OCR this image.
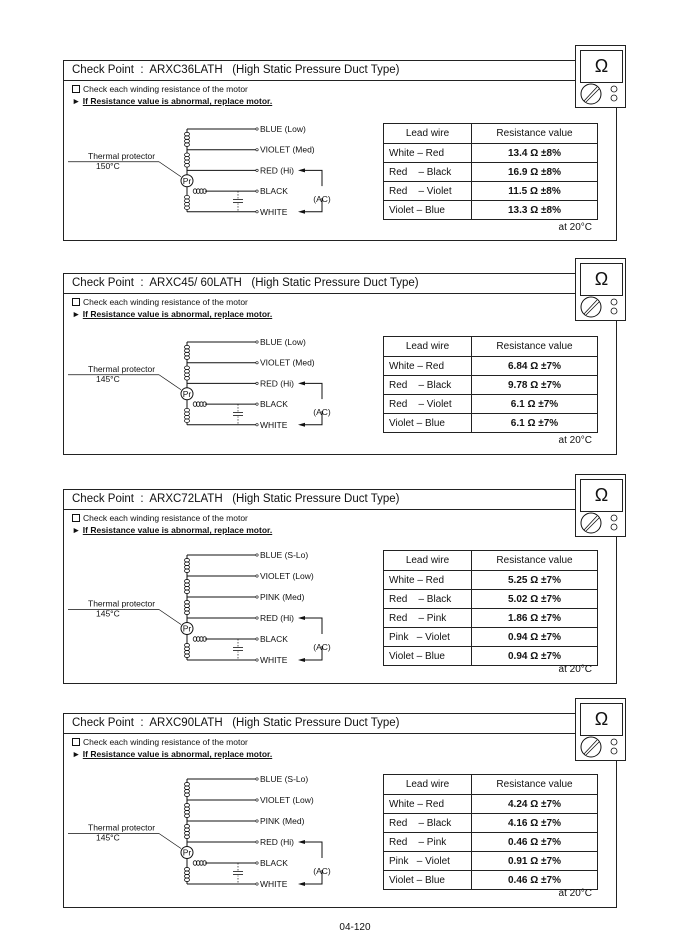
Check Point  :  ARXC36LATH   (High Static Pressure Duct Type)
Check each winding resistance of the motor
► If Resistance value is abnormal, replace motor.
BLUE (Low)
VIOLET (Med)
RED (Hi)
BLACK
WHITE
Pr
Thermal protector
150°C
(AC)
Lead wire	Resistance value
White – Red	13.4 Ω ±8%
Red    – Black	16.9 Ω ±8%
Red    – Violet	11.5 Ω ±8%
Violet – Blue	13.3 Ω ±8%
at 20°C
Ω
Check Point  :  ARXC45/ 60LATH   (High Static Pressure Duct Type)
Check each winding resistance of the motor
► If Resistance value is abnormal, replace motor.
BLUE (Low)
VIOLET (Med)
RED (Hi)
BLACK
WHITE
Pr
Thermal protector
145°C
(AC)
Lead wire	Resistance value
White – Red	6.84 Ω ±7%
Red    – Black	9.78 Ω ±7%
Red    – Violet	6.1 Ω ±7%
Violet – Blue	6.1 Ω ±7%
at 20°C
Ω
Check Point  :  ARXC72LATH   (High Static Pressure Duct Type)
Check each winding resistance of the motor
► If Resistance value is abnormal, replace motor.
BLUE (S-Lo)
VIOLET (Low)
PINK (Med)
RED (Hi)
BLACK
WHITE
Pr
Thermal protector
145°C
(AC)
Lead wire	Resistance value
White – Red	5.25 Ω ±7%
Red    – Black	5.02 Ω ±7%
Red    – Pink	1.86 Ω ±7%
Pink   – Violet	0.94 Ω ±7%
Violet – Blue	0.94 Ω ±7%
at 20°C
Ω
Check Point  :  ARXC90LATH   (High Static Pressure Duct Type)
Check each winding resistance of the motor
► If Resistance value is abnormal, replace motor.
BLUE (S-Lo)
VIOLET (Low)
PINK (Med)
RED (Hi)
BLACK
WHITE
Pr
Thermal protector
145°C
(AC)
Lead wire	Resistance value
White – Red	4.24 Ω ±7%
Red    – Black	4.16 Ω ±7%
Red    – Pink	0.46 Ω ±7%
Pink   – Violet	0.91 Ω ±7%
Violet – Blue	0.46 Ω ±7%
at 20°C
Ω
04-120
